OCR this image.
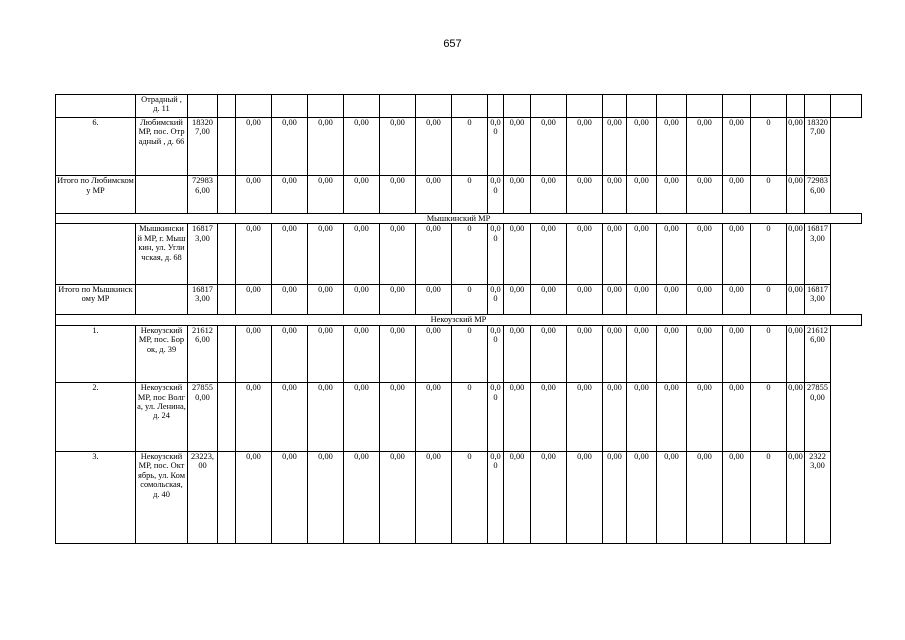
657
	Отрадный , д. 11																						
6.	Любимский МР, пос. Отрадный , д. 66	183207,00		0,00	0,00	0,00	0,00	0,00	0,00	0	0,00	0,00	0,00	0,00	0,00	0,00	0,00	0,00	0,00	0	0,00	183207,00	
Итого по Любимскому МР		729836,00		0,00	0,00	0,00	0,00	0,00	0,00	0	0,00	0,00	0,00	0,00	0,00	0,00	0,00	0,00	0,00	0	0,00	729836,00	
Мышкинский МР																							
	Мышкинский МР, г. Мышкин, ул. Угличская, д. 68	168173,00		0,00	0,00	0,00	0,00	0,00	0,00	0	0,00	0,00	0,00	0,00	0,00	0,00	0,00	0,00	0,00	0	0,00	168173,00	
Итого по Мышкинскому МР		168173,00		0,00	0,00	0,00	0,00	0,00	0,00	0	0,00	0,00	0,00	0,00	0,00	0,00	0,00	0,00	0,00	0	0,00	168173,00	
Некоузский МР																							
1.	Некоузский МР, пос. Борок, д. 39	216126,00		0,00	0,00	0,00	0,00	0,00	0,00	0	0,00	0,00	0,00	0,00	0,00	0,00	0,00	0,00	0,00	0	0,00	216126,00	
2.	Некоузский МР, пос Волга, ул. Ленина, д. 24	278550,00		0,00	0,00	0,00	0,00	0,00	0,00	0	0,00	0,00	0,00	0,00	0,00	0,00	0,00	0,00	0,00	0	0,00	278550,00	
3.	Некоузский МР, пос. Октябрь, ул. Комсомольская, д. 40	23223,00		0,00	0,00	0,00	0,00	0,00	0,00	0	0,00	0,00	0,00	0,00	0,00	0,00	0,00	0,00	0,00	0	0,00	23223,00	
